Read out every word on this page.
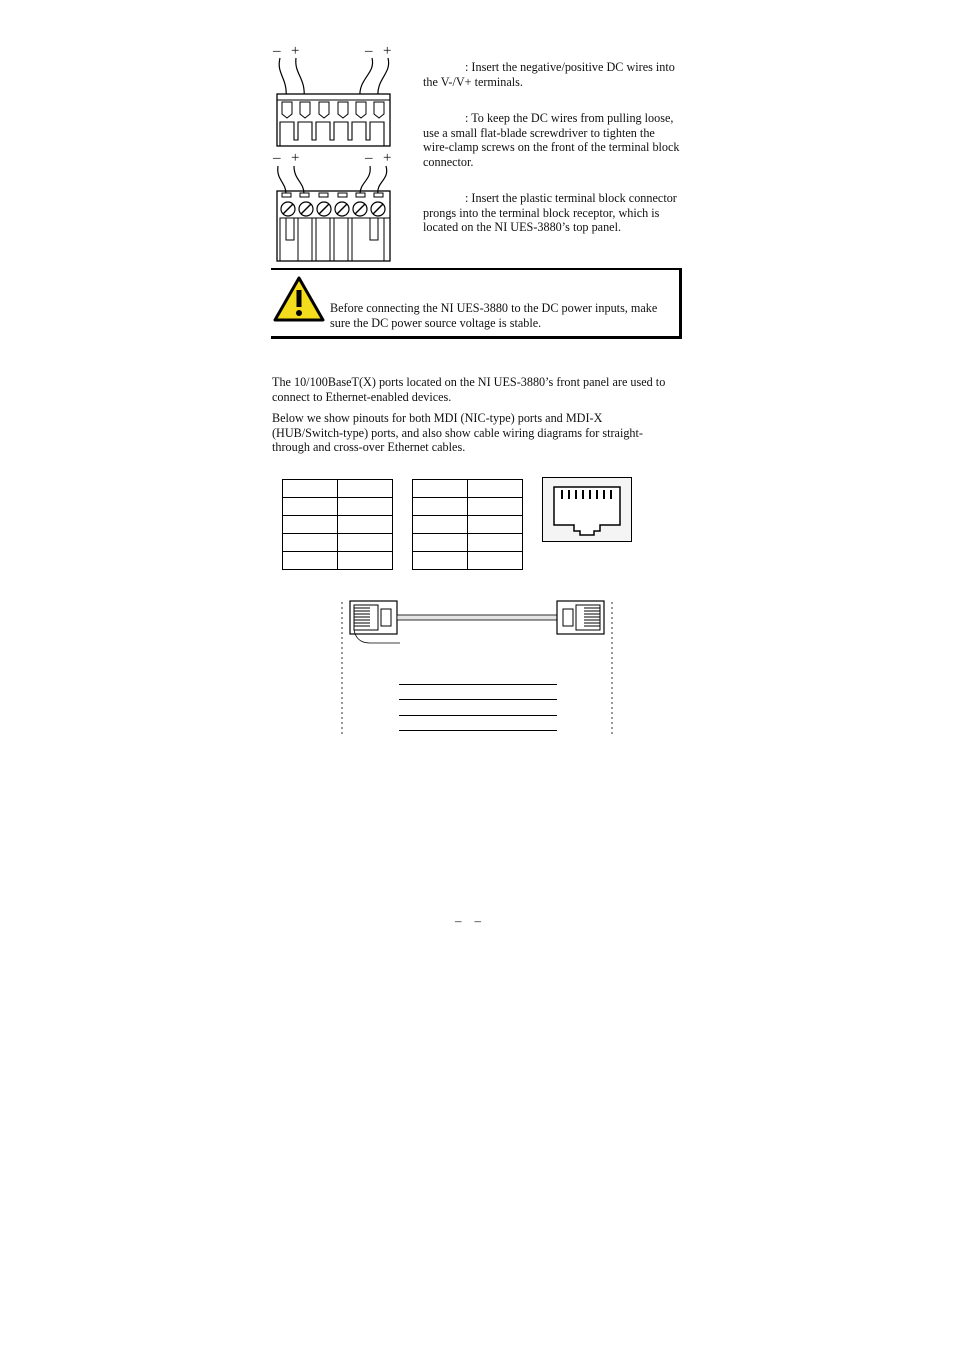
– +	– +
– +	– +
: Insert the negative/positive DC wires into the V-/V+ terminals.
: To keep the DC wires from pulling loose, use a small flat-blade screwdriver to tighten the wire-clamp screws on the front of the terminal block connector.
: Insert the plastic terminal block connector prongs into the terminal block receptor, which is located on the NI UES-3880’s top panel.
Before connecting the NI UES-3880 to the DC power inputs, make sure the DC power source voltage is stable.
The 10/100BaseT(X) ports located on the NI UES-3880’s front panel are used to connect to Ethernet-enabled devices.
Below we show pinouts for both MDI (NIC-type) ports and MDI-X (HUB/Switch-type) ports, and also show cable wiring diagrams for straight-through and cross-over Ethernet cables.

–    –
